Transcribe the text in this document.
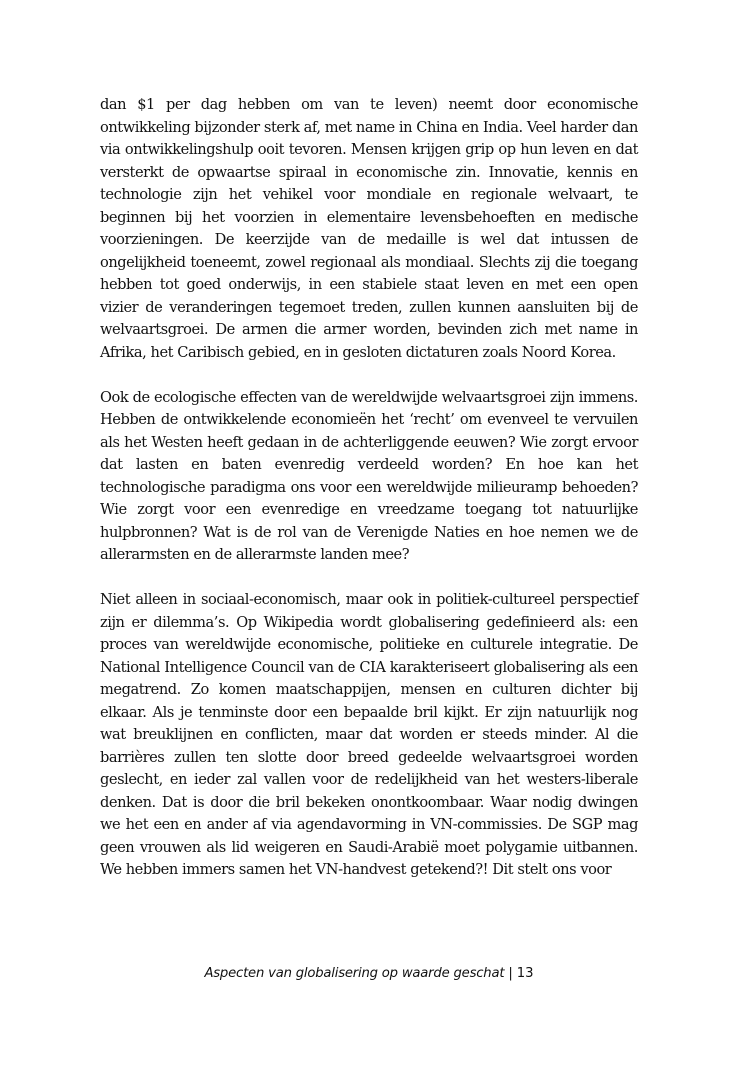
dan $1 per dag hebben om van te leven) neemt door economische ontwikkeling bijzonder sterk af, met name in China en India. Veel harder dan via ontwikkelingshulp ooit tevoren. Mensen krijgen grip op hun leven en dat versterkt de opwaartse spiraal in economische zin. Innovatie, kennis en technologie zijn het vehikel voor mondiale en regionale welvaart, te beginnen bij het voorzien in elementaire levensbehoeften en medische voorzieningen. De keerzijde van de medaille is wel dat intussen de ongelijkheid toeneemt, zowel regionaal als mondiaal. Slechts zij die toegang hebben tot goed onderwijs, in een stabiele staat leven en met een open vizier de veranderingen tegemoet treden, zullen kunnen aansluiten bij de welvaartsgroei. De armen die armer worden, bevinden zich met name in Afrika, het Caribisch gebied, en in gesloten dictaturen zoals Noord Korea.

Ook de ecologische effecten van de wereldwijde welvaartsgroei zijn immens. Hebben de ontwikkelende economieën het ‘recht’ om evenveel te vervuilen als het Westen heeft gedaan in de achterliggende eeuwen? Wie zorgt ervoor dat lasten en baten evenredig verdeeld worden? En hoe kan het technologische paradigma ons voor een wereldwijde milieuramp behoeden? Wie zorgt voor een evenredige en vreedzame toegang tot natuurlijke hulpbronnen? Wat is de rol van de Verenigde Naties en hoe nemen we de allerarmsten en de allerarmste landen mee?

Niet alleen in sociaal-economisch, maar ook in politiek-cultureel perspectief zijn er dilemma’s. Op Wikipedia wordt globalisering gedefinieerd als: een proces van wereldwijde economische, politieke en culturele integratie. De National Intelligence Council van de CIA karakteriseert globalisering als een megatrend. Zo komen maatschappijen, mensen en culturen dichter bij elkaar. Als je tenminste door een bepaalde bril kijkt. Er zijn natuurlijk nog wat breuklijnen en conflicten, maar dat worden er steeds minder. Al die barrières zullen ten slotte door breed gedeelde welvaartsgroei worden geslecht, en ieder zal vallen voor de redelijkheid van het westers-liberale denken. Dat is door die bril bekeken onontkoombaar. Waar nodig dwingen we het een en ander af via agendavorming in VN-commissies. De SGP mag geen vrouwen als lid weigeren en Saudi-Arabië moet polygamie uitbannen. We hebben immers samen het VN-handvest getekend?! Dit stelt ons voor

Aspecten van globalisering op waarde geschat | 13
